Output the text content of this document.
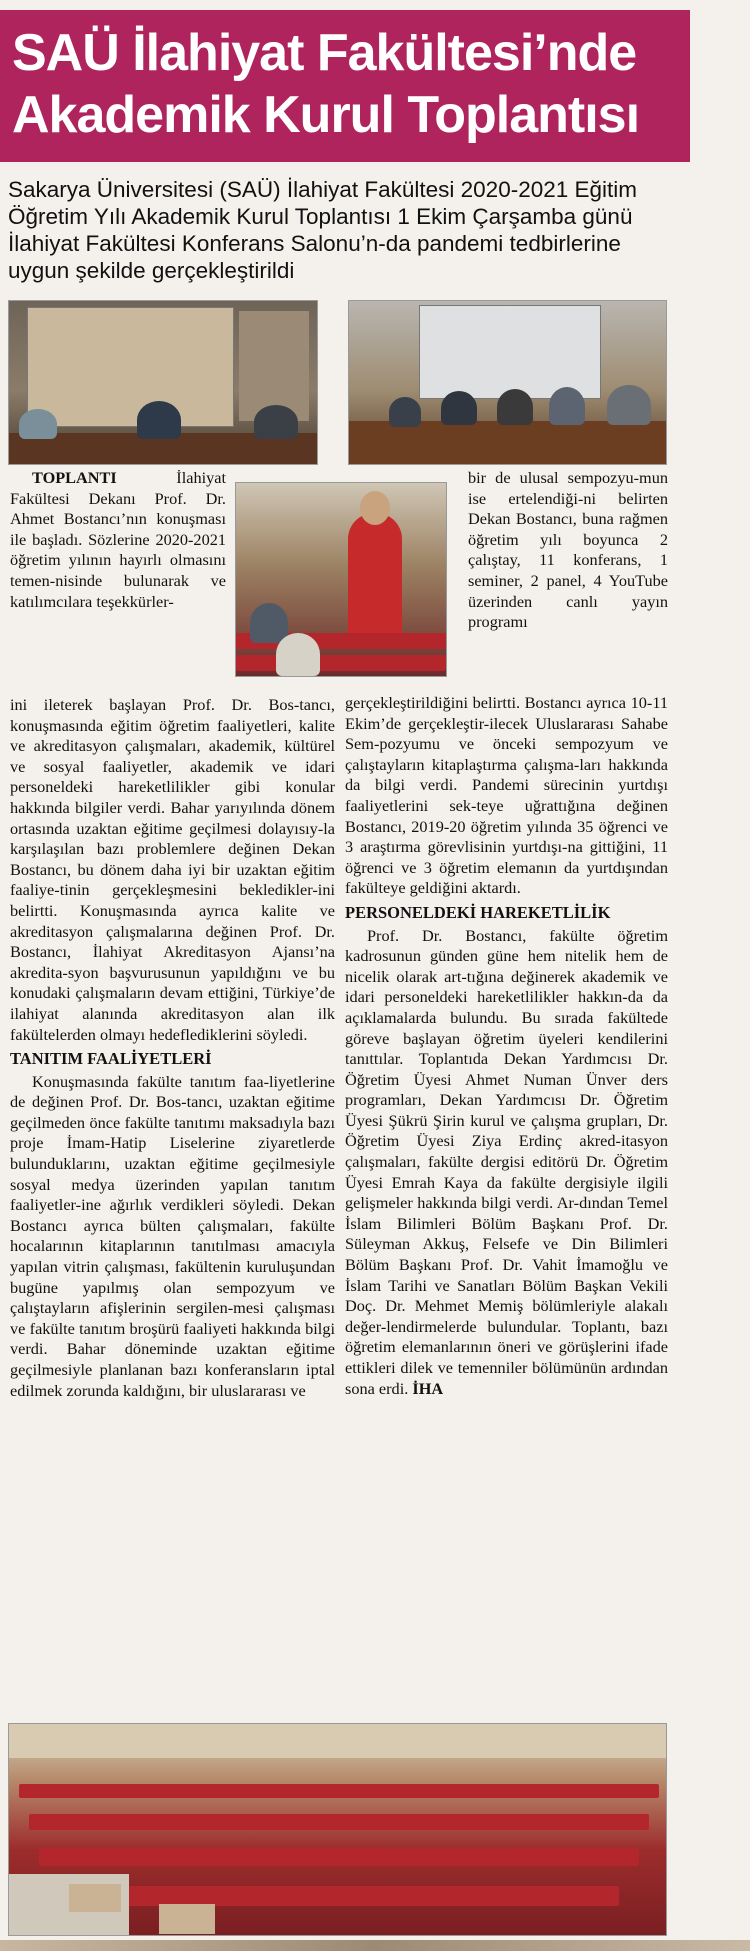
SAÜ İlahiyat Fakültesi’nde
Akademik Kurul Toplantısı
Sakarya Üniversitesi (SAÜ) İlahiyat Fakültesi 2020-2021 Eğitim Öğretim Yılı Akademik Kurul Toplantısı 1 Ekim Çarşamba günü İlahiyat Fakültesi Konferans Salonu’n-da pandemi tedbirlerine uygun şekilde gerçekleştirildi

TOPLANTI İlahiyat Fakültesi Dekanı Prof. Dr. Ahmet Bostancı’nın konuşması ile başladı. Sözlerine 2020-2021 öğretim yılının hayırlı olmasını temen-nisinde bulunarak ve katılımcılara teşekkürler-

ini ileterek başlayan Prof. Dr. Bos-tancı, konuşmasında eğitim öğretim faaliyetleri, kalite ve akreditasyon çalışmaları, akademik, kültürel ve sosyal faaliyetler, akademik ve idari personeldeki hareketlilikler gibi konular hakkında bilgiler verdi. Bahar yarıyılında dönem ortasında uzaktan eğitime geçilmesi dolayısıy-la karşılaşılan bazı problemlere değinen Dekan Bostancı, bu dönem daha iyi bir uzaktan eğitim faaliye-tinin gerçekleşmesini bekledikler-ini belirtti. Konuşmasında ayrıca kalite ve akreditasyon çalışmalarına değinen Prof. Dr. Bostancı, İlahiyat Akreditasyon Ajansı’na akredita-syon başvurusunun yapıldığını ve bu konudaki çalışmaların devam ettiğini, Türkiye’de ilahiyat alanında akreditasyon alan ilk fakültelerden olmayı hedeflediklerini söyledi.

TANITIM FAALİYETLERİ

Konuşmasında fakülte tanıtım faa-liyetlerine de değinen Prof. Dr. Bos-tancı, uzaktan eğitime geçilmeden önce fakülte tanıtımı maksadıyla bazı proje İmam-Hatip Liselerine ziyaretlerde bulunduklarını, uzaktan eğitime geçilmesiyle sosyal medya üzerinden yapılan tanıtım faaliyetler-ine ağırlık verdikleri söyledi. Dekan Bostancı ayrıca bülten çalışmaları, fakülte hocalarının kitaplarının tanıtılması amacıyla yapılan vitrin çalışması, fakültenin kuruluşundan bugüne yapılmış olan sempozyum ve çalıştayların afişlerinin sergilen-mesi çalışması ve fakülte tanıtım broşürü faaliyeti hakkında bilgi verdi. Bahar döneminde uzaktan eğitime geçilmesiyle planlanan bazı konferansların iptal edilmek zorunda kaldığını, bir uluslararası ve

bir de ulusal sempozyu-mun ise ertelendiği-ni belirten Dekan Bostancı, buna rağmen öğretim yılı boyunca 2 çalıştay, 11 konferans, 1 seminer, 2 panel, 4 YouTube üzerinden canlı yayın programı

gerçekleştirildiğini belirtti. Bostancı ayrıca 10-11 Ekim’de gerçekleştir-ilecek Uluslararası Sahabe Sem-pozyumu ve önceki sempozyum ve çalıştayların kitaplaştırma çalışma-ları hakkında da bilgi verdi. Pandemi sürecinin yurtdışı faaliyetlerini sek-teye uğrattığına değinen Bostancı, 2019-20 öğretim yılında 35 öğrenci ve 3 araştırma görevlisinin yurtdışı-na gittiğini, 11 öğrenci ve 3 öğretim elemanın da yurtdışından fakülteye geldiğini aktardı.

PERSONELDEKİ HAREKETLİLİK

Prof. Dr. Bostancı, fakülte öğretim kadrosunun günden güne hem nitelik hem de nicelik olarak art-tığına değinerek akademik ve idari personeldeki hareketlilikler hakkın-da da açıklamalarda bulundu. Bu sırada fakültede göreve başlayan öğretim üyeleri kendilerini tanıttılar. Toplantıda Dekan Yardımcısı Dr. Öğretim Üyesi Ahmet Numan Ünver ders programları, Dekan Yardımcısı Dr. Öğretim Üyesi Şükrü Şirin kurul ve çalışma grupları, Dr. Öğretim Üyesi Ziya Erdinç akred-itasyon çalışmaları, fakülte dergisi editörü Dr. Öğretim Üyesi Emrah Kaya da fakülte dergisiyle ilgili gelişmeler hakkında bilgi verdi. Ar-dından Temel İslam Bilimleri Bölüm Başkanı Prof. Dr. Süleyman Akkuş, Felsefe ve Din Bilimleri Bölüm Başkanı Prof. Dr. Vahit İmamoğlu ve İslam Tarihi ve Sanatları Bölüm Başkan Vekili Doç. Dr. Mehmet Memiş bölümleriyle alakalı değer-lendirmelerde bulundular. Toplantı, bazı öğretim elemanlarının öneri ve görüşlerini ifade ettikleri dilek ve temenniler bölümünün ardından sona erdi. İHA
